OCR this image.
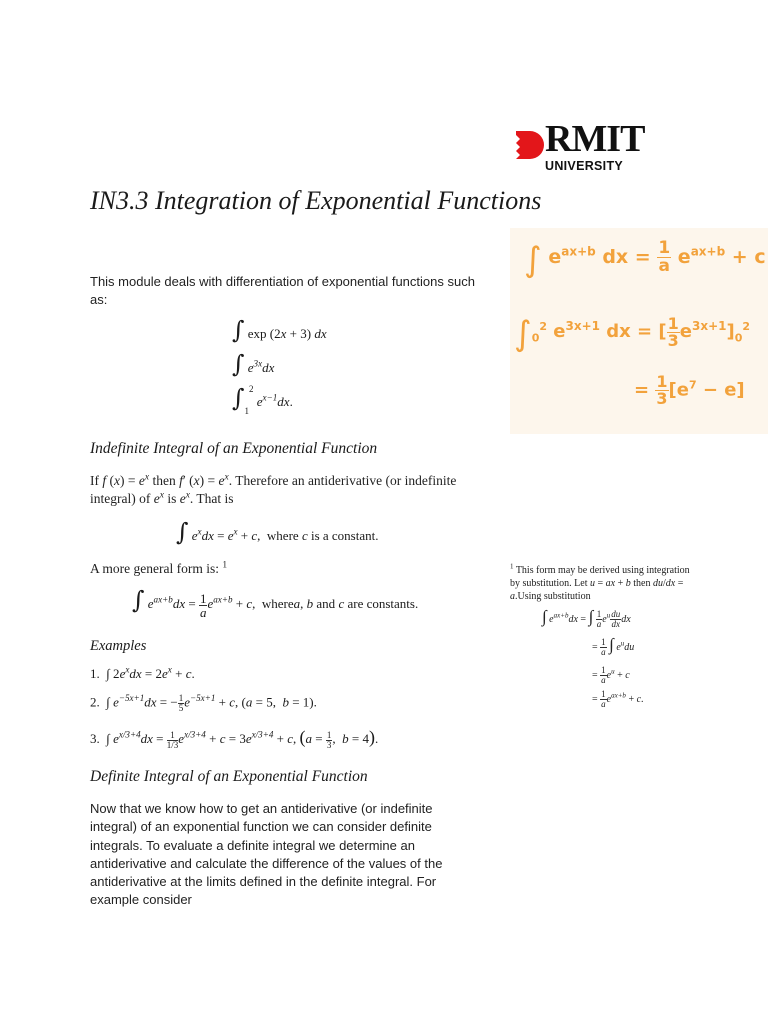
RMIT
UNIVERSITY
IN3.3 Integration of Exponential Functions
∫ $e^{ax+b}$ dx = $\frac{1}{a} e^{ax+b} + c$
$\int_0^2$ $e^{3x+1}$ dx = [ $\frac{1}{3} e^{3x+1}]_0^2$
= $\frac{1}{3} [e^7 - e]$
This module deals with differentiation of exponential functions such as:
∫ exp (2x + 3) dx
∫ $e^{3x}dx$
$\int_1^2$ $e^{x-1}dx$.
Indefinite Integral of an Exponential Function
If f $(x) = e^x$ then f′ $(x) = e^x$. Therefore an antiderivative (or indefinite integral) of $e^x$ is $e^x$. That is
∫ $e^xdx = e^x + c$,  where c is a constant.
A more general form is: $^1$
∫ $e^{ax+b}dx = \frac{1}{a} e^{ax+b} + c$,  wherea, b and c are constants.
Examples
1.  ∫ $2e^xdx = 2e^x + c$.
2.  ∫ $e^{-5x+1}dx$ = − $\frac{1}{5} e^{-5x+1} + c$, (a = 5,  b = 1).
3.  ∫ $e^{x/3+4}dx = \frac{1}{1/3} e^{x/3+4} + c = 3e^{x/3+4} + c$, ($a = \frac{1}{3}$ ,  b = 4).
Definite Integral of an Exponential Function
Now that we know how to get an antiderivative (or indefinite integral) of an exponential function we can consider definite integrals. To evaluate a definite integral we determine an antiderivative and calculate the difference of the values of the antiderivative at the limits defined in the definite integral. For example consider
$^1$ This form may be derived using integration by substitution. Let u = ax + b then du/dx = a.Using substitution
∫ $e^{ax+b}dx$ = ∫ $\frac{1}{a} e^u \frac{du}{dx}$ dx
= $\frac{1}{a}$ ∫ $e^udu$
= $\frac{1}{a} e^u + c$
= $\frac{1}{a} e^{ax+b} + c$.
